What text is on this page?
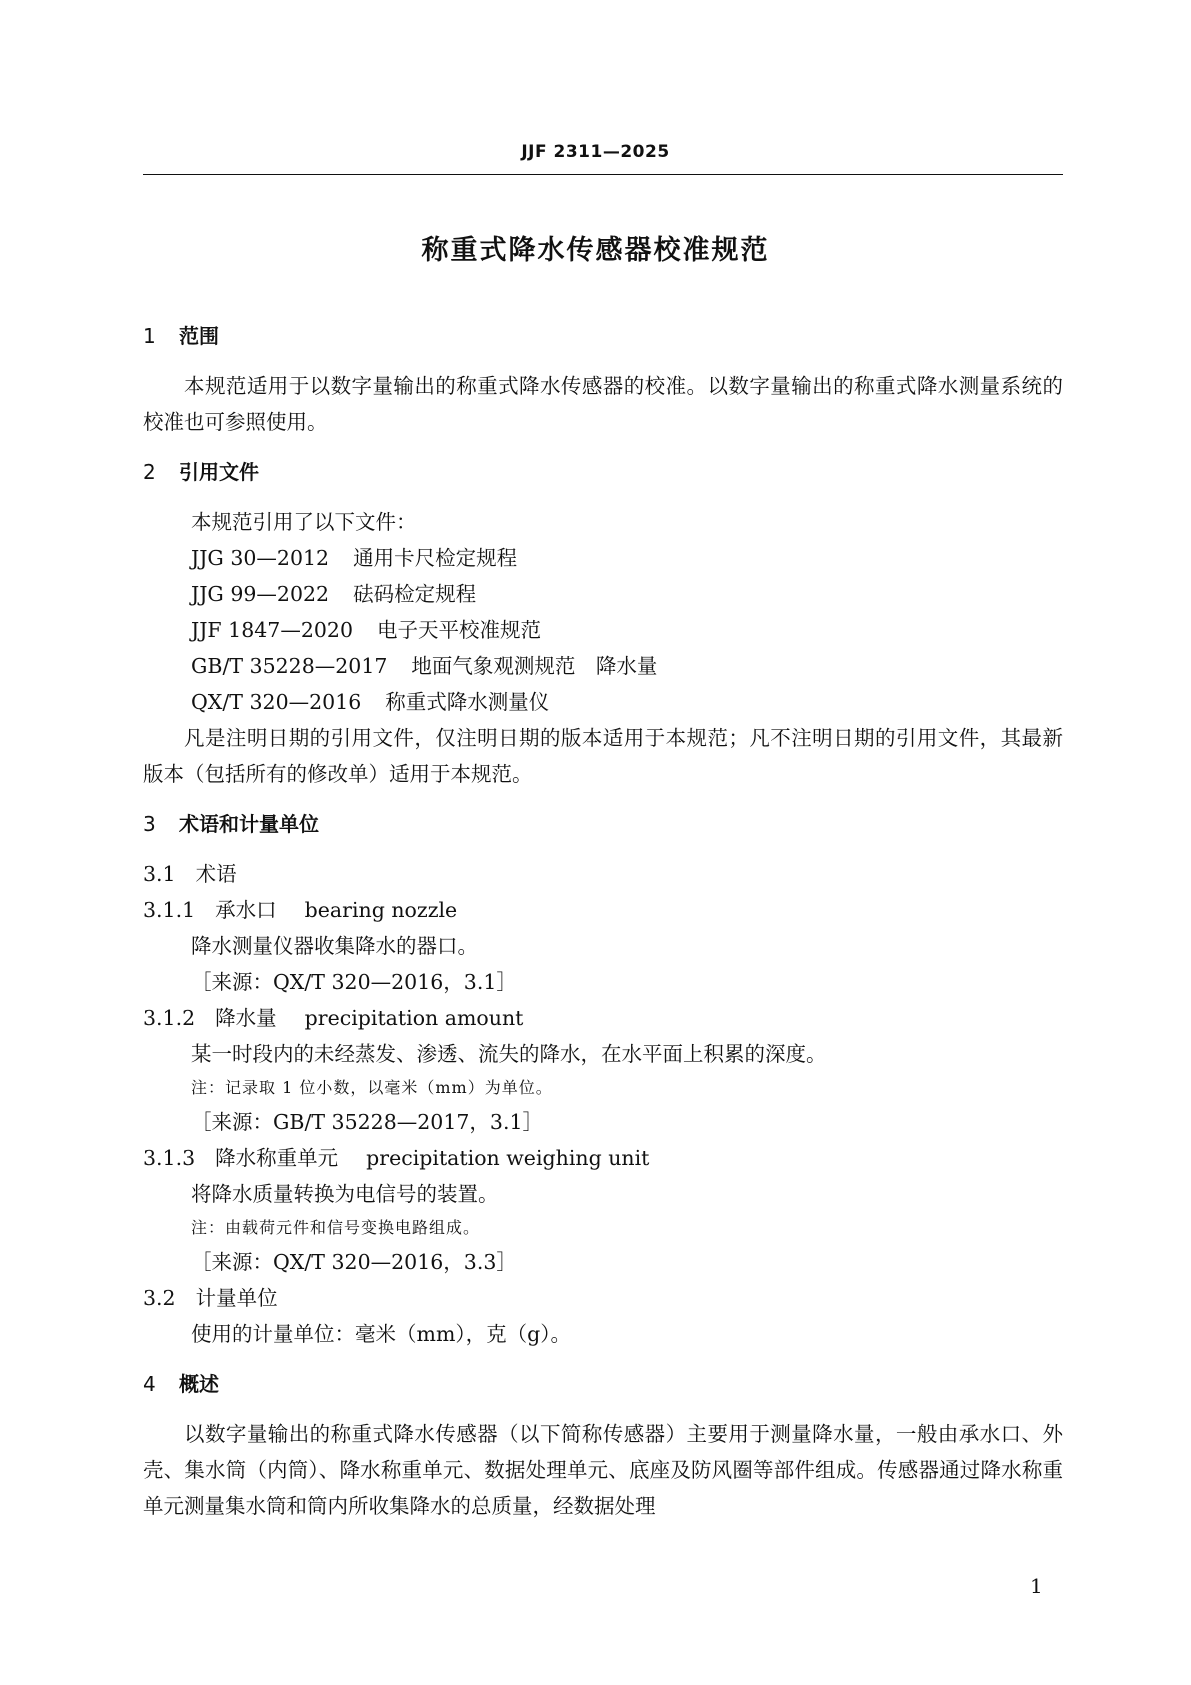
JJF 2311—2025
称重式降水传感器校准规范

1 范围

本规范适用于以数字量输出的称重式降水传感器的校准。以数字量输出的称重式降水测量系统的校准也可参照使用。

2 引用文件

本规范引用了以下文件：

JJG 30—2012 通用卡尺检定规程

JJG 99—2022 砝码检定规程

JJF 1847—2020 电子天平校准规范

GB/T 35228—2017 地面气象观测规范　降水量

QX/T 320—2016 称重式降水测量仪

凡是注明日期的引用文件，仅注明日期的版本适用于本规范；凡不注明日期的引用文件，其最新版本（包括所有的修改单）适用于本规范。

3 术语和计量单位

3.1 术语

3.1.1 承水口 bearing nozzle

降水测量仪器收集降水的器口。

［来源：QX/T 320—2016，3.1］

3.1.2 降水量 precipitation amount

某一时段内的未经蒸发、渗透、流失的降水，在水平面上积累的深度。

注：记录取 1 位小数，以毫米（mm）为单位。

［来源：GB/T 35228—2017，3.1］

3.1.3 降水称重单元 precipitation weighing unit

将降水质量转换为电信号的装置。

注：由载荷元件和信号变换电路组成。

［来源：QX/T 320—2016，3.3］

3.2 计量单位

使用的计量单位：毫米（mm），克（g）。

4 概述

以数字量输出的称重式降水传感器（以下简称传感器）主要用于测量降水量，一般由承水口、外壳、集水筒（内筒）、降水称重单元、数据处理单元、底座及防风圈等部件组成。传感器通过降水称重单元测量集水筒和筒内所收集降水的总质量，经数据处理

1
